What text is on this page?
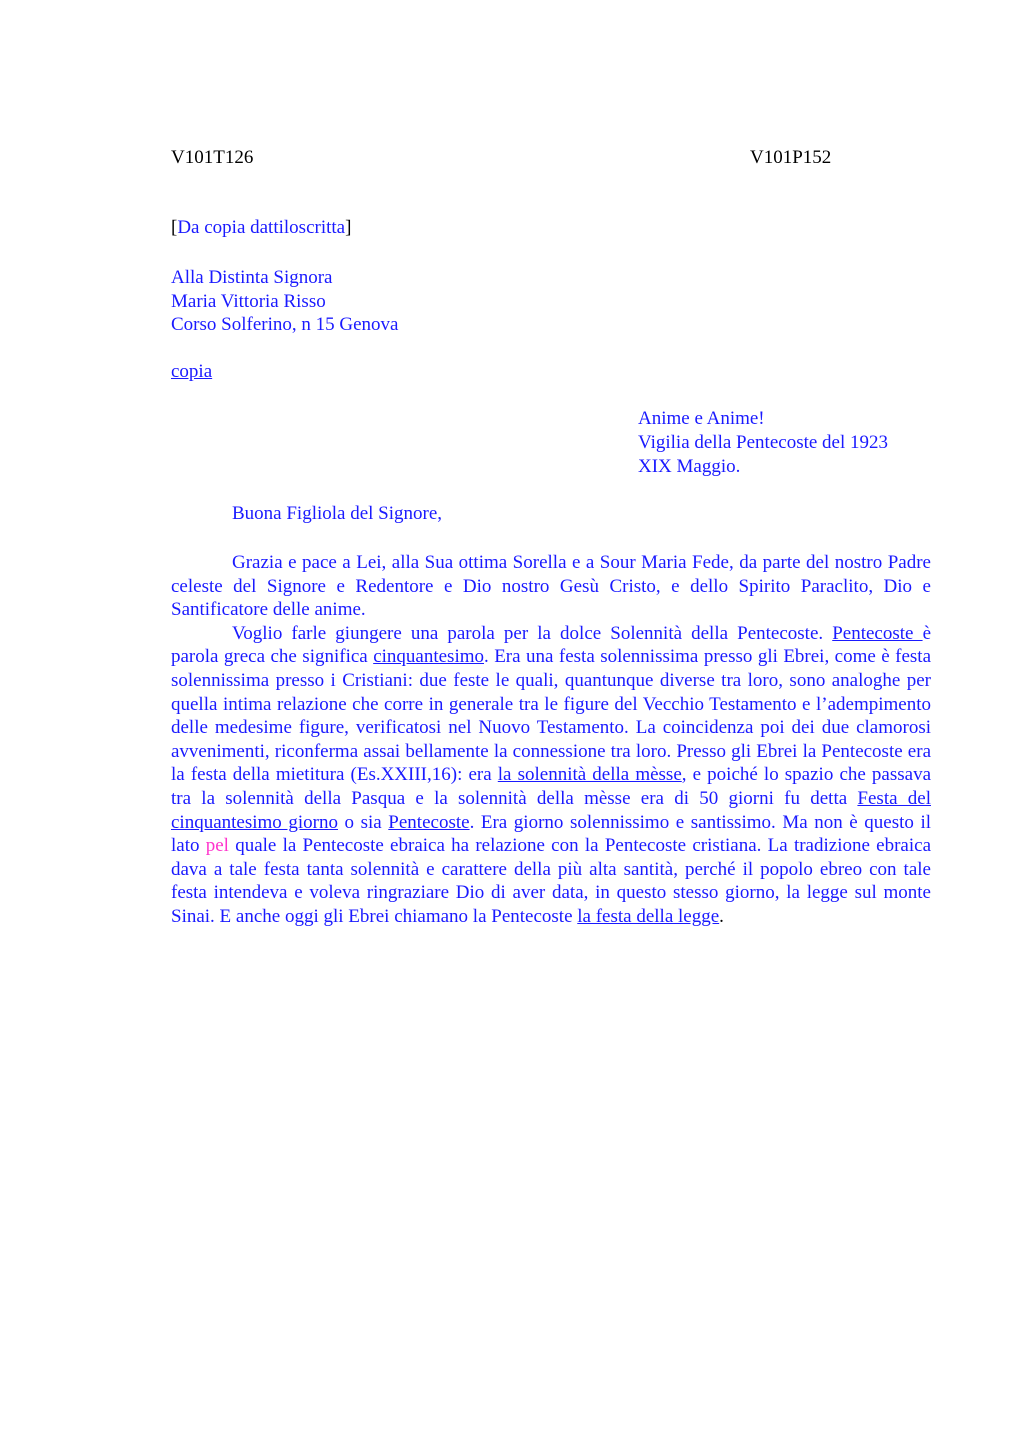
V101T126	V101P152
[Da copia dattiloscritta]
Alla Distinta Signora
Maria Vittoria Risso
Corso Solferino, n 15 Genova
copia
Anime e Anime!
Vigilia della Pentecoste del 1923
XIX Maggio.
Buona Figliola del Signore,

Grazia e pace a Lei, alla Sua ottima Sorella e a Sour Maria Fede, da parte del nostro Padre celeste del Signore e Redentore e Dio nostro Gesù Cristo, e dello Spirito Paraclito, Dio e Santificatore delle anime.

Voglio farle giungere una parola per la dolce Solennità della Pentecoste. Pentecoste è parola greca che significa cinquantesimo. Era una festa solennissima presso gli Ebrei, come è festa solennissima presso i Cristiani: due feste le quali, quantunque diverse tra loro, sono analoghe per quella intima relazione che corre in generale tra le figure del Vecchio Testamento e l’adempimento delle medesime figure, verificatosi nel Nuovo Testamento. La coincidenza poi dei due clamorosi avvenimenti, riconferma assai bellamente la connessione tra loro. Presso gli Ebrei la Pentecoste era la festa della mietitura (Es.XXIII,16): era la solennità della mèsse, e poiché lo spazio che passava tra la solennità della Pasqua e la solennità della mèsse era di 50 giorni fu detta Festa del cinquantesimo giorno o sia Pentecoste. Era giorno solennissimo e santissimo. Ma non è questo il lato pel quale la Pentecoste ebraica ha relazione con la Pentecoste cristiana. La tradizione ebraica dava a tale festa tanta solennità e carattere della più alta santità, perché il popolo ebreo con tale festa intendeva e voleva ringraziare Dio di aver data, in questo stesso giorno, la legge sul monte Sinai. E anche oggi gli Ebrei chiamano la Pentecoste la festa della legge.
